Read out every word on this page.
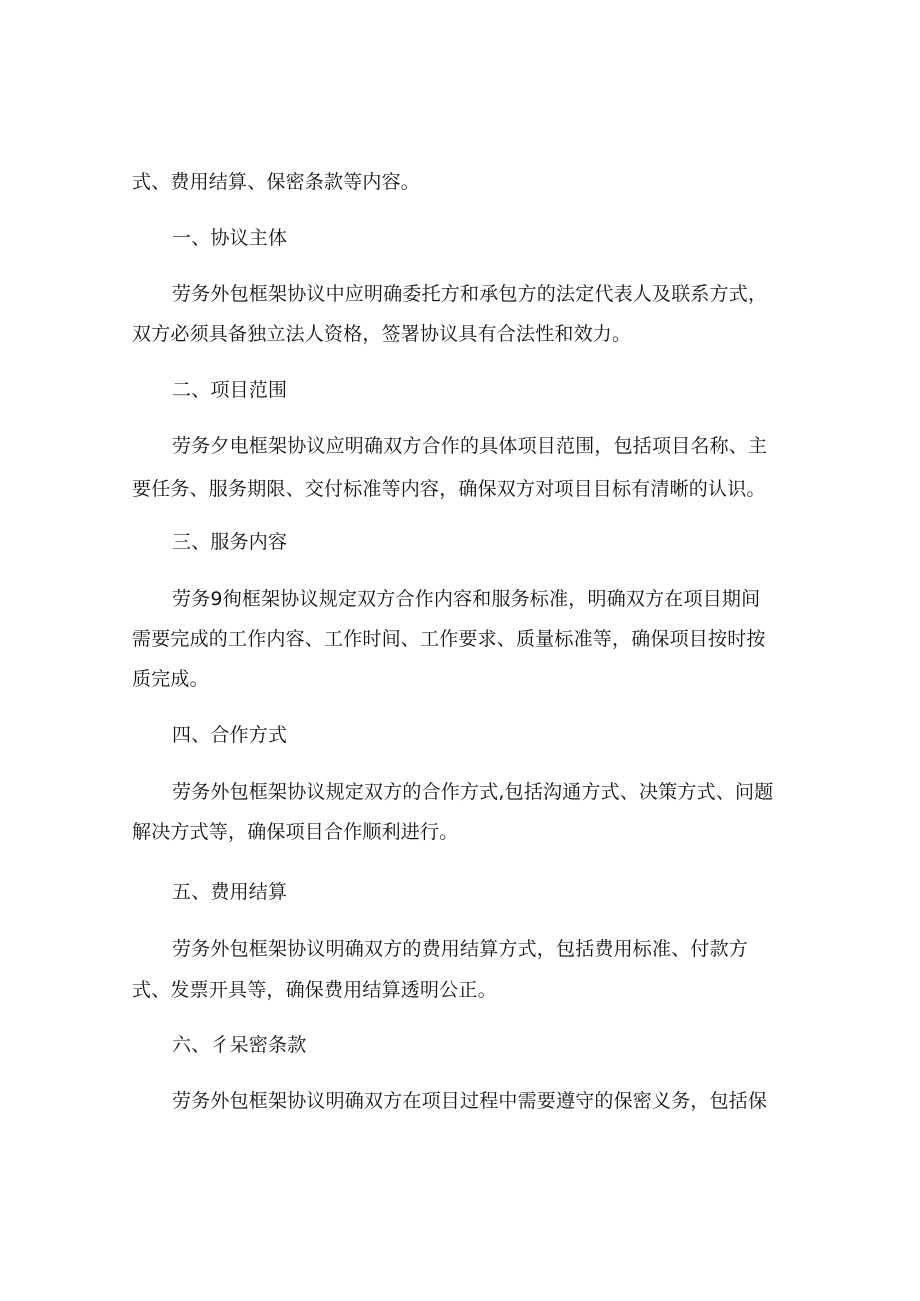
式、费用结算、保密条款等内容。
一、协议主体
劳务外包框架协议中应明确委托方和承包方的法定代表人及联系方式，
双方必须具备独立法人资格，签署协议具有合法性和效力。
二、项目范围
劳务夕电框架协议应明确双方合作的具体项目范围，包括项目名称、主
要任务、服务期限、交付标准等内容，确保双方对项目目标有清晰的认识。
三、服务内容
劳务9徇框架协议规定双方合作内容和服务标准，明确双方在项目期间
需要完成的工作内容、工作时间、工作要求、质量标准等，确保项目按时按
质完成。
四、合作方式
劳务外包框架协议规定双方的合作方式,包括沟通方式、决策方式、问题
解决方式等，确保项目合作顺利进行。
五、费用结算
劳务外包框架协议明确双方的费用结算方式，包括费用标准、付款方
式、发票开具等，确保费用结算透明公正。
六、彳呆密条款
劳务外包框架协议明确双方在项目过程中需要遵守的保密义务，包括保
